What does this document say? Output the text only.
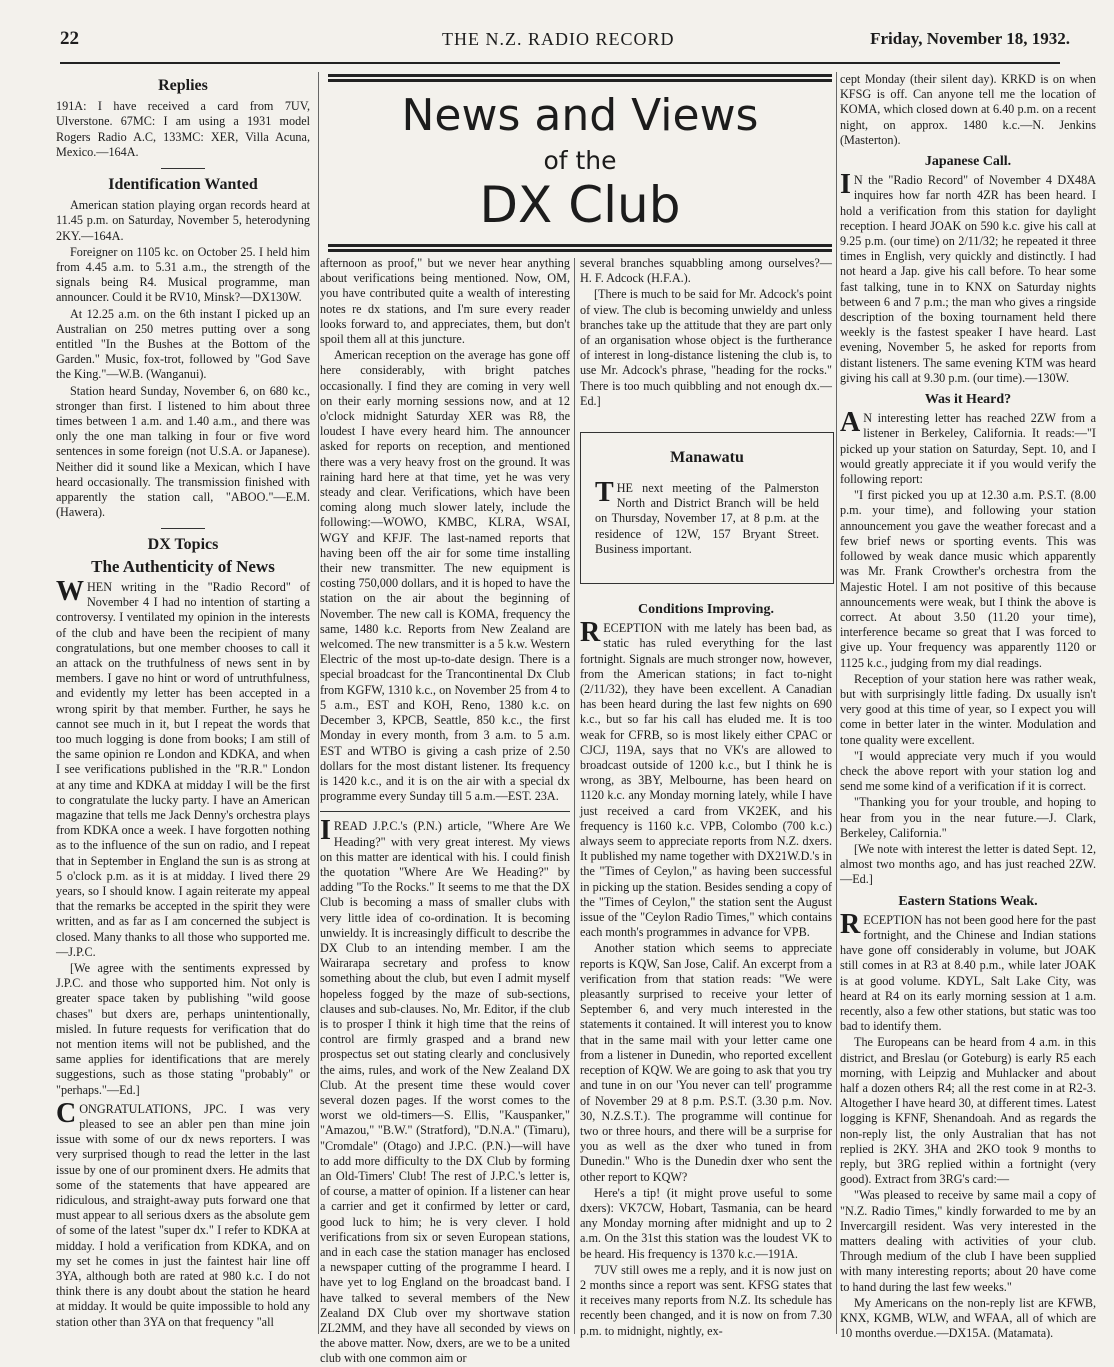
22	THE N.Z. RADIO RECORD	Friday, November 18, 1932.
Replies

191A: I have received a card from 7UV, Ulverstone. 67MC: I am using a 1931 model Rogers Radio A.C, 133MC: XER, Villa Acuna, Mexico.—164A.

Identification Wanted

American station playing organ records heard at 11.45 p.m. on Saturday, November 5, heterodyning 2KY.—164A.

Foreigner on 1105 kc. on October 25. I held him from 4.45 a.m. to 5.31 a.m., the strength of the signals being R4. Musical programme, man announcer. Could it be RV10, Minsk?—DX130W.

At 12.25 a.m. on the 6th instant I picked up an Australian on 250 metres putting over a song entitled "In the Bushes at the Bottom of the Garden." Music, fox-trot, followed by "God Save the King."—W.B. (Wanganui).

Station heard Sunday, November 6, on 680 kc., stronger than first. I listened to him about three times between 1 a.m. and 1.40 a.m., and there was only the one man talking in four or five word sentences in some foreign (not U.S.A. or Japanese). Neither did it sound like a Mexican, which I have heard occasionally. The transmission finished with apparently the station call, "ABOO."—E.M. (Hawera).

DX Topics
The Authenticity of News

WHEN writing in the "Radio Record" of November 4 I had no intention of starting a controversy. I ventilated my opinion in the interests of the club and have been the recipient of many congratulations, but one member chooses to call it an attack on the truthfulness of news sent in by members. I gave no hint or word of untruthfulness, and evidently my letter has been accepted in a wrong spirit by that member. Further, he says he cannot see much in it, but I repeat the words that too much logging is done from books; I am still of the same opinion re London and KDKA, and when I see verifications published in the "R.R." London at any time and KDKA at midday I will be the first to congratulate the lucky party. I have an American magazine that tells me Jack Denny's orchestra plays from KDKA once a week. I have forgotten nothing as to the influence of the sun on radio, and I repeat that in September in England the sun is as strong at 5 o'clock p.m. as it is at midday. I lived there 29 years, so I should know. I again reiterate my appeal that the remarks be accepted in the spirit they were written, and as far as I am concerned the subject is closed. Many thanks to all those who supported me.—J.P.C.

[We agree with the sentiments expressed by J.P.C. and those who supported him. Not only is greater space taken by publishing "wild goose chases" but dxers are, perhaps unintentionally, misled. In future requests for verification that do not mention items will not be published, and the same applies for identifications that are merely suggestions, such as those stating "probably" or "perhaps."—Ed.]

CONGRATULATIONS, JPC. I was very pleased to see an abler pen than mine join issue with some of our dx news reporters. I was very surprised though to read the letter in the last issue by one of our prominent dxers. He admits that some of the statements that have appeared are ridiculous, and straight-away puts forward one that must appear to all serious dxers as the absolute gem of some of the latest "super dx." I refer to KDKA at midday. I hold a verification from KDKA, and on my set he comes in just the faintest hair line off 3YA, although both are rated at 980 k.c. I do not think there is any doubt about the station he heard at midday. It would be quite impossible to hold any station other than 3YA on that frequency "all

News and Views
of the
DX Club

afternoon as proof," but we never hear anything about verifications being mentioned. Now, OM, you have contributed quite a wealth of interesting notes re dx stations, and I'm sure every reader looks forward to, and appreciates, them, but don't spoil them all at this juncture.

American reception on the average has gone off here considerably, with bright patches occasionally. I find they are coming in very well on their early morning sessions now, and at 12 o'clock midnight Saturday XER was R8, the loudest I have every heard him. The announcer asked for reports on reception, and mentioned there was a very heavy frost on the ground. It was raining hard here at that time, yet he was very steady and clear. Verifications, which have been coming along much slower lately, include the following:—WOWO, KMBC, KLRA, WSAI, WGY and KFJF. The last-named reports that having been off the air for some time installing their new transmitter. The new equipment is costing 750,000 dollars, and it is hoped to have the station on the air about the beginning of November. The new call is KOMA, frequency the same, 1480 k.c. Reports from New Zealand are welcomed. The new transmitter is a 5 k.w. Western Electric of the most up-to-date design. There is a special broadcast for the Trancontinental Dx Club from KGFW, 1310 k.c., on November 25 from 4 to 5 a.m., EST and KOH, Reno, 1380 k.c. on December 3, KPCB, Seattle, 850 k.c., the first Monday in every month, from 3 a.m. to 5 a.m. EST and WTBO is giving a cash prize of 2.50 dollars for the most distant listener. Its frequency is 1420 k.c., and it is on the air with a special dx programme every Sunday till 5 a.m.—EST. 23A.

IREAD J.P.C.'s (P.N.) article, "Where Are We Heading?" with very great interest. My views on this matter are identical with his. I could finish the quotation "Where Are We Heading?" by adding "To the Rocks." It seems to me that the DX Club is becoming a mass of smaller clubs with very little idea of co-ordination. It is becoming unwieldy. It is increasingly difficult to describe the DX Club to an intending member. I am the Wairarapa secretary and profess to know something about the club, but even I admit myself hopeless fogged by the maze of sub-sections, clauses and sub-clauses. No, Mr. Editor, if the club is to prosper I think it high time that the reins of control are firmly grasped and a brand new prospectus set out stating clearly and conclusively the aims, rules, and work of the New Zealand DX Club. At the present time these would cover several dozen pages. If the worst comes to the worst we old-timers—S. Ellis, "Kauspanker," "Amazou," "B.W." (Stratford), "D.N.A." (Timaru), "Cromdale" (Otago) and J.P.C. (P.N.)—will have to add more difficulty to the DX Club by forming an Old-Timers' Club! The rest of J.P.C.'s letter is, of course, a matter of opinion. If a listener can hear a carrier and get it confirmed by letter or card, good luck to him; he is very clever. I hold verifications from six or seven European stations, and in each case the station manager has enclosed a newspaper cutting of the programme I heard. I have yet to log England on the broadcast band. I have talked to several members of the New Zealand DX Club over my shortwave station ZL2MM, and they have all seconded by views on the above matter. Now, dxers, are we to be a united club with one common aim or

several branches squabbling among ourselves?—H. F. Adcock (H.F.A.).

[There is much to be said for Mr. Adcock's point of view. The club is becoming unwieldy and unless branches take up the attitude that they are part only of an organisation whose object is the furtherance of interest in long-distance listening the club is, to use Mr. Adcock's phrase, "heading for the rocks." There is too much quibbling and not enough dx.—Ed.]

Manawatu

THE next meeting of the Palmerston North and District Branch will be held on Thursday, November 17, at 8 p.m. at the residence of 12W, 157 Bryant Street. Business important.

Conditions Improving.

RECEPTION with me lately has been bad, as static has ruled everything for the last fortnight. Signals are much stronger now, however, from the American stations; in fact to-night (2/11/32), they have been excellent. A Canadian has been heard during the last few nights on 690 k.c., but so far his call has eluded me. It is too weak for CFRB, so is most likely either CPAC or CJCJ, 119A, says that no VK's are allowed to broadcast outside of 1200 k.c., but I think he is wrong, as 3BY, Melbourne, has been heard on 1120 k.c. any Monday morning lately, while I have just received a card from VK2EK, and his frequency is 1160 k.c. VPB, Colombo (700 k.c.) always seem to appreciate reports from N.Z. dxers. It published my name together with DX21W.D.'s in the "Times of Ceylon," as having been successful in picking up the station. Besides sending a copy of the "Times of Ceylon," the station sent the August issue of the "Ceylon Radio Times," which contains each month's programmes in advance for VPB.

Another station which seems to appreciate reports is KQW, San Jose, Calif. An excerpt from a verification from that station reads: "We were pleasantly surprised to receive your letter of September 6, and very much interested in the statements it contained. It will interest you to know that in the same mail with your letter came one from a listener in Dunedin, who reported excellent reception of KQW. We are going to ask that you try and tune in on our 'You never can tell' programme of November 29 at 8 p.m. P.S.T. (3.30 p.m. Nov. 30, N.Z.S.T.). The programme will continue for two or three hours, and there will be a surprise for you as well as the dxer who tuned in from Dunedin." Who is the Dunedin dxer who sent the other report to KQW?

Here's a tip! (it might prove useful to some dxers): VK7CW, Hobart, Tasmania, can be heard any Monday morning after midnight and up to 2 a.m. On the 31st this station was the loudest VK to be heard. His frequency is 1370 k.c.—191A.

7UV still owes me a reply, and it is now just on 2 months since a report was sent. KFSG states that it receives many reports from N.Z. Its schedule has recently been changed, and it is now on from 7.30 p.m. to midnight, nightly, ex-

cept Monday (their silent day). KRKD is on when KFSG is off. Can anyone tell me the location of KOMA, which closed down at 6.40 p.m. on a recent night, on approx. 1480 k.c.—N. Jenkins (Masterton).

Japanese Call.

I N the "Radio Record" of November 4 DX48A inquires how far north 4ZR has been heard. I hold a verification from this station for daylight reception. I heard JOAK on 590 k.c. give his call at 9.25 p.m. (our time) on 2/11/32; he repeated it three times in English, very quickly and distinctly. I had not heard a Jap. give his call before. To hear some fast talking, tune in to KNX on Saturday nights between 6 and 7 p.m.; the man who gives a ringside description of the boxing tournament held there weekly is the fastest speaker I have heard. Last evening, November 5, he asked for reports from distant listeners. The same evening KTM was heard giving his call at 9.30 p.m. (our time).—130W.

Was it Heard?

A N interesting letter has reached 2ZW from a listener in Berkeley, California. It reads:—"I picked up your station on Saturday, Sept. 10, and I would greatly appreciate it if you would verify the following report:

"I first picked you up at 12.30 a.m. P.S.T. (8.00 p.m. your time), and following your station announcement you gave the weather forecast and a few brief news or sporting events. This was followed by weak dance music which apparently was Mr. Frank Crowther's orchestra from the Majestic Hotel. I am not positive of this because announcements were weak, but I think the above is correct. At about 3.50 (11.20 your time), interference became so great that I was forced to give up. Your frequency was apparently 1120 or 1125 k.c., judging from my dial readings.

Reception of your station here was rather weak, but with surprisingly little fading. Dx usually isn't very good at this time of year, so I expect you will come in better later in the winter. Modulation and tone quality were excellent.

"I would appreciate very much if you would check the above report with your station log and send me some kind of a verification if it is correct.

"Thanking you for your trouble, and hoping to hear from you in the near future.—J. Clark, Berkeley, California."

[We note with interest the letter is dated Sept. 12, almost two months ago, and has just reached 2ZW.—Ed.]

Eastern Stations Weak.

RECEPTION has not been good here for the past fortnight, and the Chinese and Indian stations have gone off considerably in volume, but JOAK still comes in at R3 at 8.40 p.m., while later JOAK is at good volume. KDYL, Salt Lake City, was heard at R4 on its early morning session at 1 a.m. recently, also a few other stations, but static was too bad to identify them.

The Europeans can be heard from 4 a.m. in this district, and Breslau (or Goteburg) is early R5 each morning, with Leipzig and Muhlacker and about half a dozen others R4; all the rest come in at R2-3. Altogether I have heard 30, at different times. Latest logging is KFNF, Shenandoah. And as regards the non-reply list, the only Australian that has not replied is 2KY. 3HA and 2KO took 9 months to reply, but 3RG replied within a fortnight (very good). Extract from 3RG's card:—

"Was pleased to receive by same mail a copy of "N.Z. Radio Times," kindly forwarded to me by an Invercargill resident. Was very interested in the matters dealing with activities of your club. Through medium of the club I have been supplied with many interesting reports; about 20 have come to hand during the last few weeks."

My Americans on the non-reply list are KFWB, KNX, KGMB, WLW, and WFAA, all of which are 10 months overdue.—DX15A. (Matamata).
